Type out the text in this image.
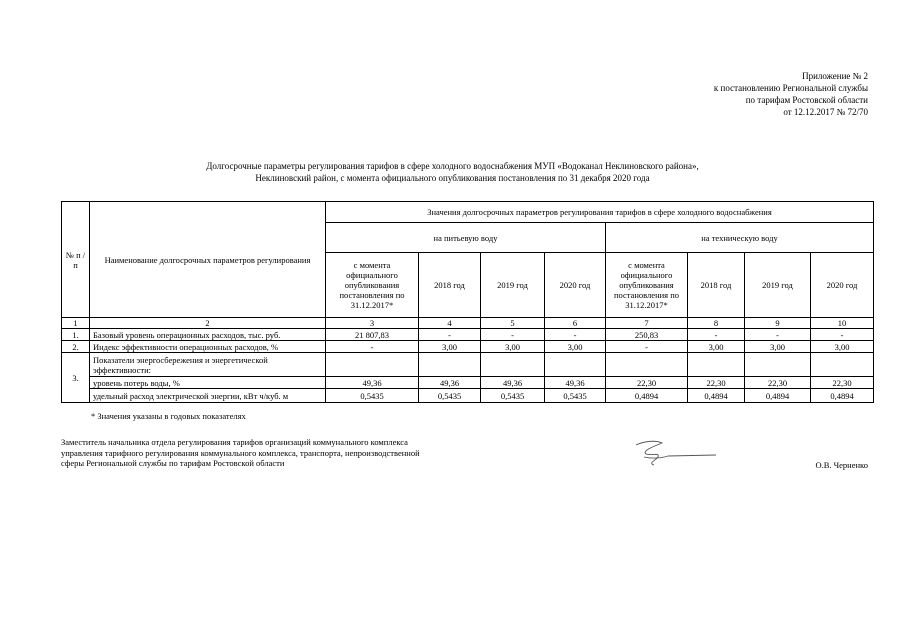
Приложение № 2
к постановлению Региональной службы
по тарифам Ростовской области
от 12.12.2017 № 72/70
Долгосрочные параметры регулирования тарифов в сфере холодного водоснабжения МУП «Водоканал Неклиновского района»,
Неклиновский район, с момента официального опубликования постановления по 31 декабря 2020 года
№ п /п	Наименование долгосрочных параметров регулирования	Значения долгосрочных параметров регулирования тарифов в сфере холодного водоснабжения							
		на питьевую воду				на техническую воду			
		с момента официального опубликования постановления по 31.12.2017*	2018 год	2019 год	2020 год	с момента официального опубликования постановления по 31.12.2017*	2018 год	2019 год	2020 год
1	2	3	4	5	6	7	8	9	10
1.	Базовый уровень операционных расходов, тыс. руб.	21 807,83	-	-	-	250,83	-	-	-
2.	Индекс эффективности операционных расходов, %	-	3,00	3,00	3,00	-	3,00	3,00	3,00
3.	Показатели энергосбережения и энергетической эффективности:								
	уровень потерь воды, %	49,36	49,36	49,36	49,36	22,30	22,30	22,30	22,30
	удельный расход электрической энергии, кВт ч/куб. м	0,5435	0,5435	0,5435	0,5435	0,4894	0,4894	0,4894	0,4894
* Значения указаны в годовых показателях
Заместитель начальника отдела регулирования тарифов организаций коммунального комплекса
управления тарифного регулирования коммунального комплекса, транспорта, непроизводственной
сферы Региональной службы по тарифам Ростовской области	О.В. Черненко
